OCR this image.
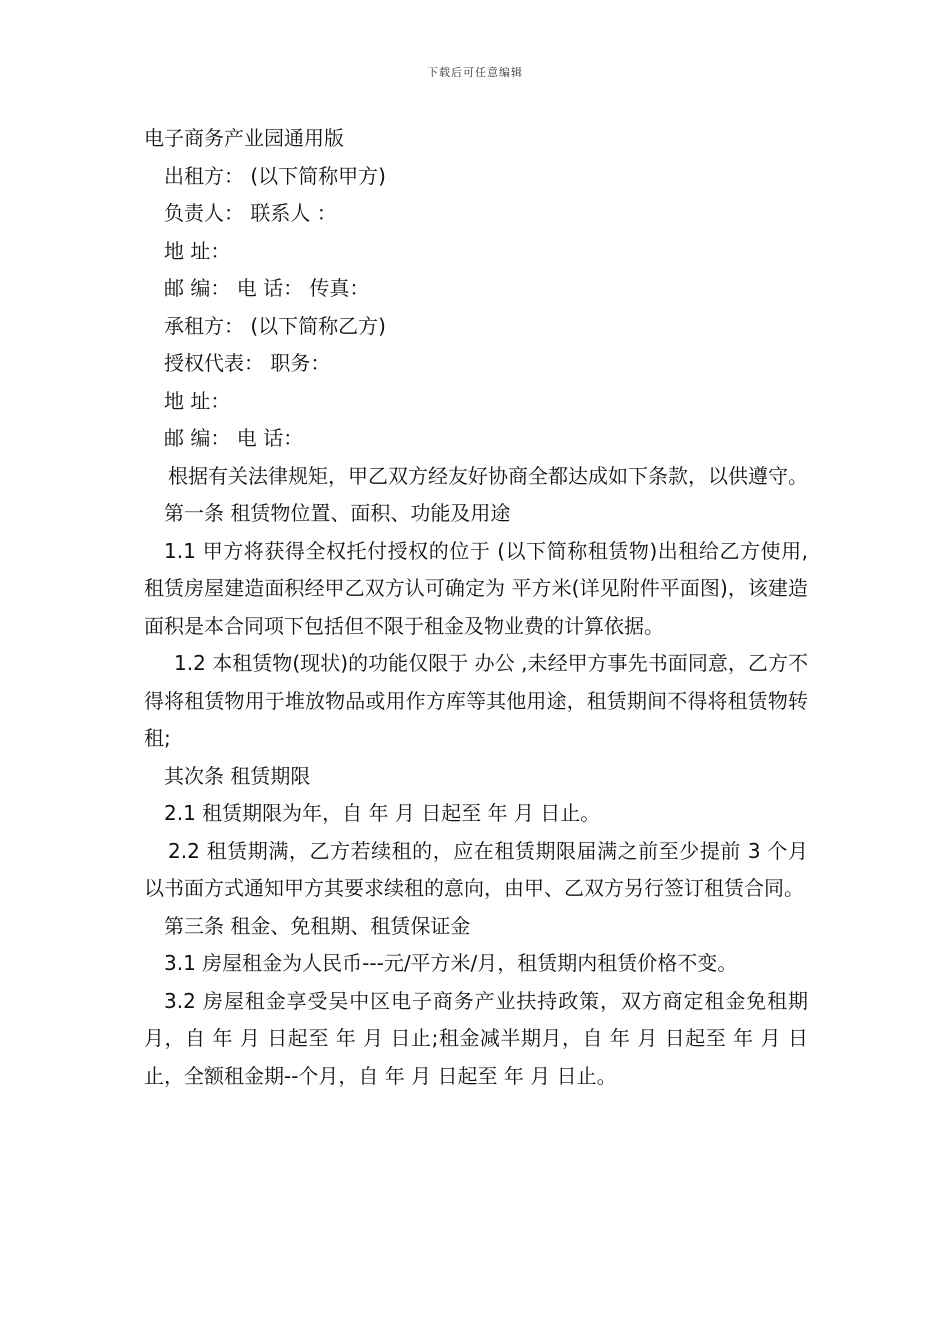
下载后可任意编辑

电子商务产业园通用版

出租方： (以下简称甲方)

负责人： 联系人 ：

地 址：

邮 编： 电 话： 传真：

承租方： (以下简称乙方)

授权代表： 职务：

地 址：

邮 编： 电 话：

根据有关法律规矩，甲乙双方经友好协商全都达成如下条款，以供遵守。

第一条 租赁物位置、面积、功能及用途

1.1 甲方将获得全权托付授权的位于 (以下简称租赁物)出租给乙方使用, 租赁房屋建造面积经甲乙双方认可确定为 平方米(详见附件平面图)，该建造面积是本合同项下包括但不限于租金及物业费的计算依据。

1.2 本租赁物(现状)的功能仅限于 办公 ,未经甲方事先书面同意，乙方不得将租赁物用于堆放物品或用作方库等其他用途，租赁期间不得将租赁物转租;

其次条 租赁期限

2.1 租赁期限为年，自 年 月 日起至 年 月 日止。

2.2 租赁期满，乙方若续租的，应在租赁期限届满之前至少提前 3 个月以书面方式通知甲方其要求续租的意向，由甲、乙双方另行签订租赁合同。

第三条 租金、免租期、租赁保证金

3.1 房屋租金为人民币---元/平方米/月，租赁期内租赁价格不变。

3.2 房屋租金享受吴中区电子商务产业扶持政策，双方商定租金免租期月，自 年 月 日起至 年 月 日止;租金减半期月，自 年 月 日起至 年 月 日止，全额租金期--个月，自 年 月 日起至 年 月 日止。
